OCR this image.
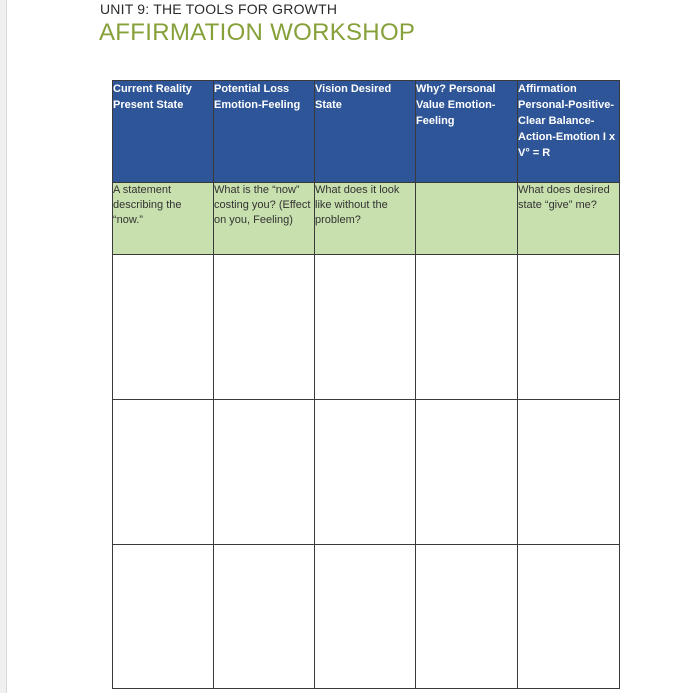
UNIT 9: THE TOOLS FOR GROWTH
AFFIRMATION WORKSHOP
Current Reality Present State	Potential Loss Emotion-Feeling	Vision Desired State	Why? Personal Value Emotion-Feeling	Affirmation Personal-Positive-Clear Balance-Action-Emotion I x V° = R
A statement describing the “now.”	What is the “now” costing you? (Effect on you, Feeling)	What does it look like without the problem?		What does desired state “give” me?
